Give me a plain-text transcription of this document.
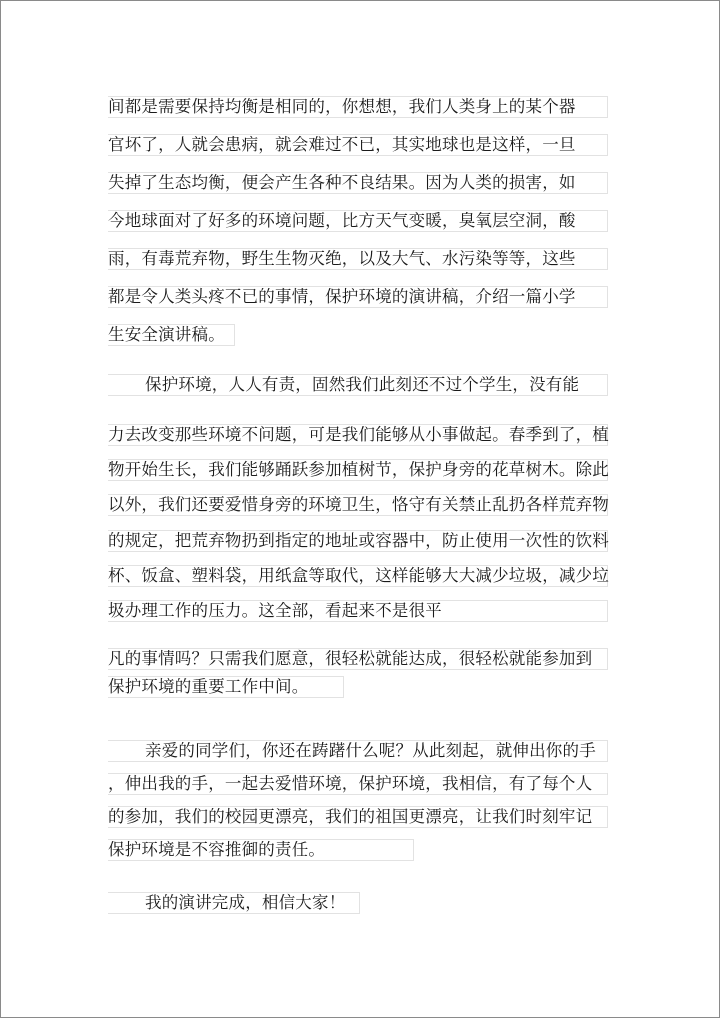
间都是需要保持均衡是相同的，你想想，我们人类身上的某个器
官坏了，人就会患病，就会难过不已，其实地球也是这样，一旦
失掉了生态均衡，便会产生各种不良结果。因为人类的损害，如
今地球面对了好多的环境问题，比方天气变暖，臭氧层空洞，酸
雨，有毒荒弃物，野生生物灭绝，以及大气、水污染等等，这些
都是令人类头疼不已的事情，保护环境的演讲稿，介绍一篇小学
生安全演讲稿。
保护环境，人人有责，固然我们此刻还不过个学生，没有能
力去改变那些环境不问题，可是我们能够从小事做起。春季到了，植
物开始生长，我们能够踊跃参加植树节，保护身旁的花草树木。除此
以外，我们还要爱惜身旁的环境卫生，恪守有关禁止乱扔各样荒弃物
的规定，把荒弃物扔到指定的地址或容器中，防止使用一次性的饮料
杯、饭盒、塑料袋，用纸盒等取代，这样能够大大减少垃圾，减少垃
圾办理工作的压力。这全部，看起来不是很平
凡的事情吗？只需我们愿意，很轻松就能达成，很轻松就能参加到
保护环境的重要工作中间。
亲爱的同学们，你还在踌躇什么呢？从此刻起，就伸出你的手
，伸出我的手，一起去爱惜环境，保护环境，我相信，有了每个人
的参加，我们的校园更漂亮，我们的祖国更漂亮，让我们时刻牢记
保护环境是不容推御的责任。
我的演讲完成，相信大家！
